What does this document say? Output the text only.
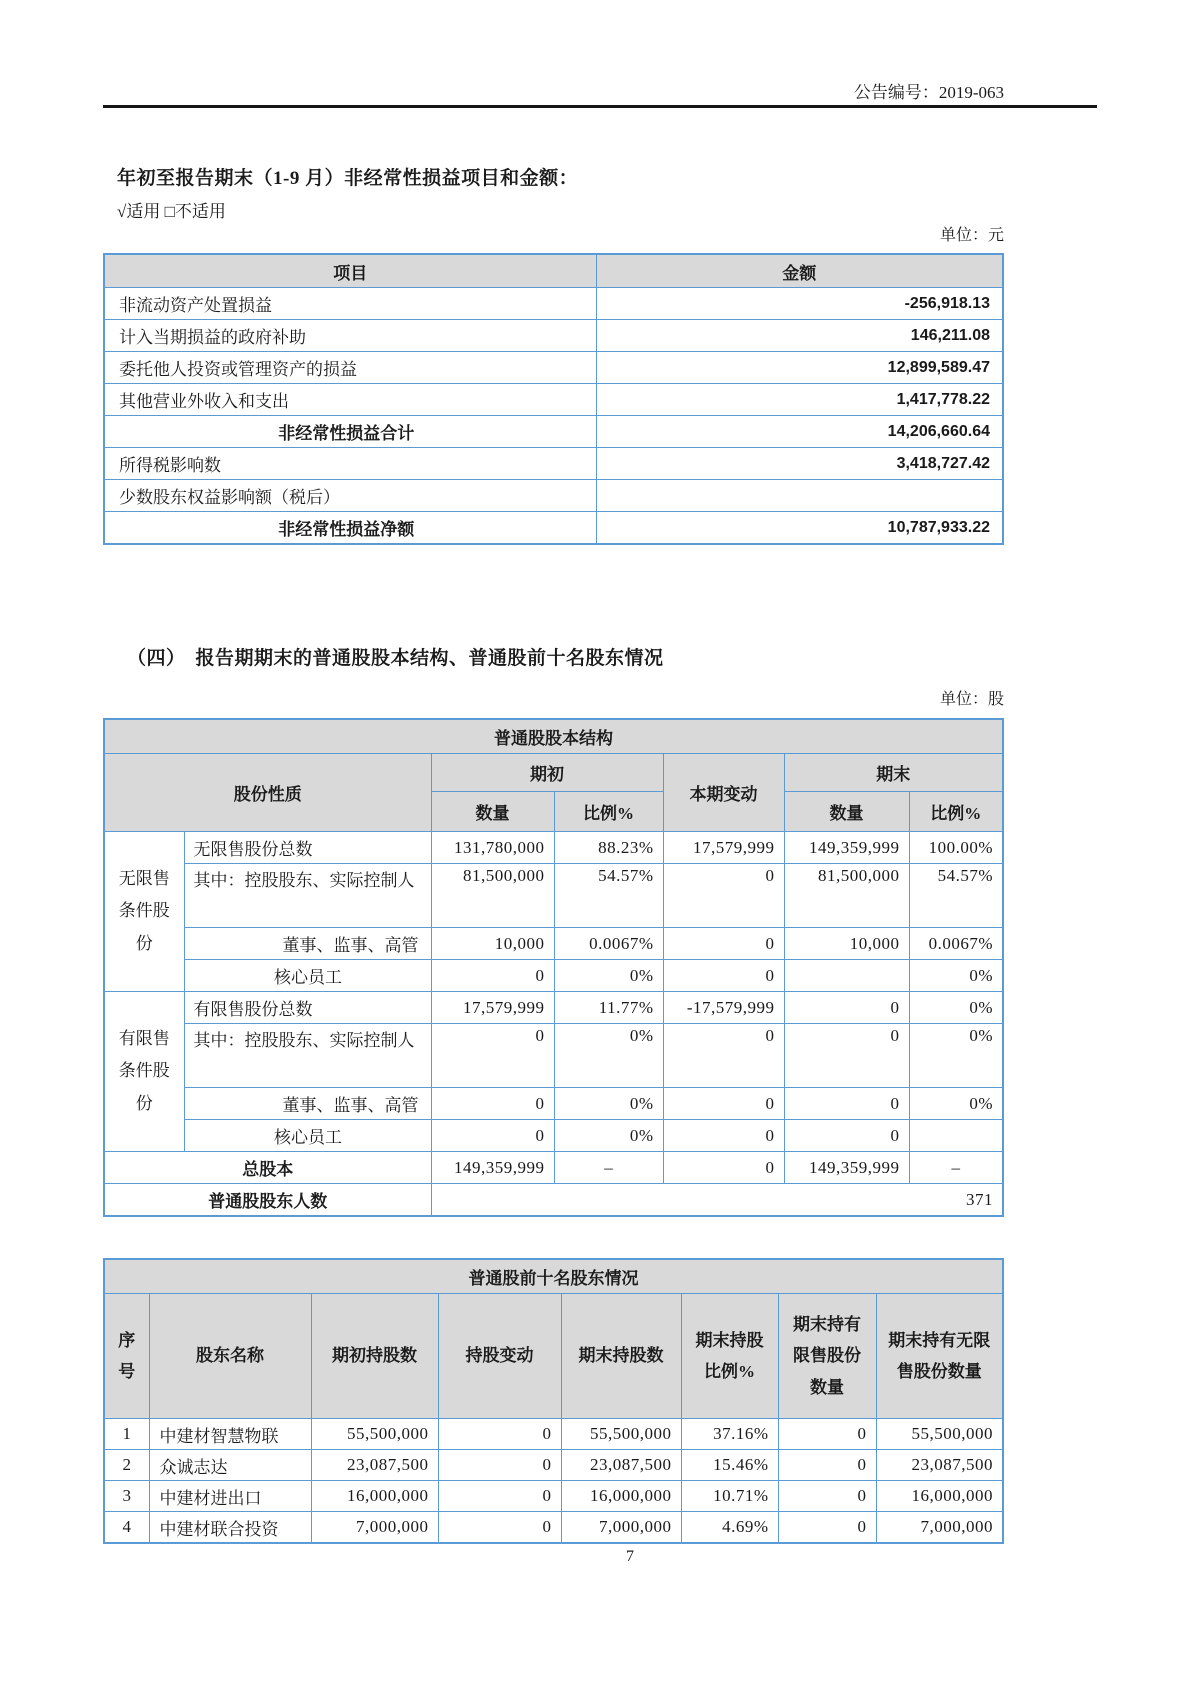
公告编号：2019-063
年初至报告期末（1-9 月）非经常性损益项目和金额：
√适用 □不适用
单位：元
项目	金额
非流动资产处置损益	-256,918.13
计入当期损益的政府补助	146,211.08
委托他人投资或管理资产的损益	12,899,589.47
其他营业外收入和支出	1,417,778.22
非经常性损益合计	14,206,660.64
所得税影响数	3,418,727.42
少数股东权益影响额（税后）	
非经常性损益净额	10,787,933.22
（四）　报告期期末的普通股股本结构、普通股前十名股东情况
单位：股
普通股股本结构						
股份性质		期初		本期变动	期末	
		数量	比例%		数量	比例%
无限售条件股份	无限售股份总数	131,780,000	88.23%	17,579,999	149,359,999	100.00%
	其中：控股股东、实际控制人	81,500,000	54.57%	0	81,500,000	54.57%
	董事、监事、高管	10,000	0.0067%	0	10,000	0.0067%
	核心员工	0	0%	0		0%
有限售条件股份	有限售股份总数	17,579,999	11.77%	-17,579,999	0	0%
	其中：控股股东、实际控制人	0	0%	0	0	0%
	董事、监事、高管	0	0%	0	0	0%
	核心员工	0	0%	0	0	
总股本		149,359,999	–	0	149,359,999	–
普通股股东人数		371				
普通股前十名股东情况							
序号	股东名称	期初持股数	持股变动	期末持股数	期末持股比例%	期末持有限售股份数量	期末持有无限售股份数量
1	中建材智慧物联	55,500,000	0	55,500,000	37.16%	0	55,500,000
2	众诚志达	23,087,500	0	23,087,500	15.46%	0	23,087,500
3	中建材进出口	16,000,000	0	16,000,000	10.71%	0	16,000,000
4	中建材联合投资	7,000,000	0	7,000,000	4.69%	0	7,000,000
7
